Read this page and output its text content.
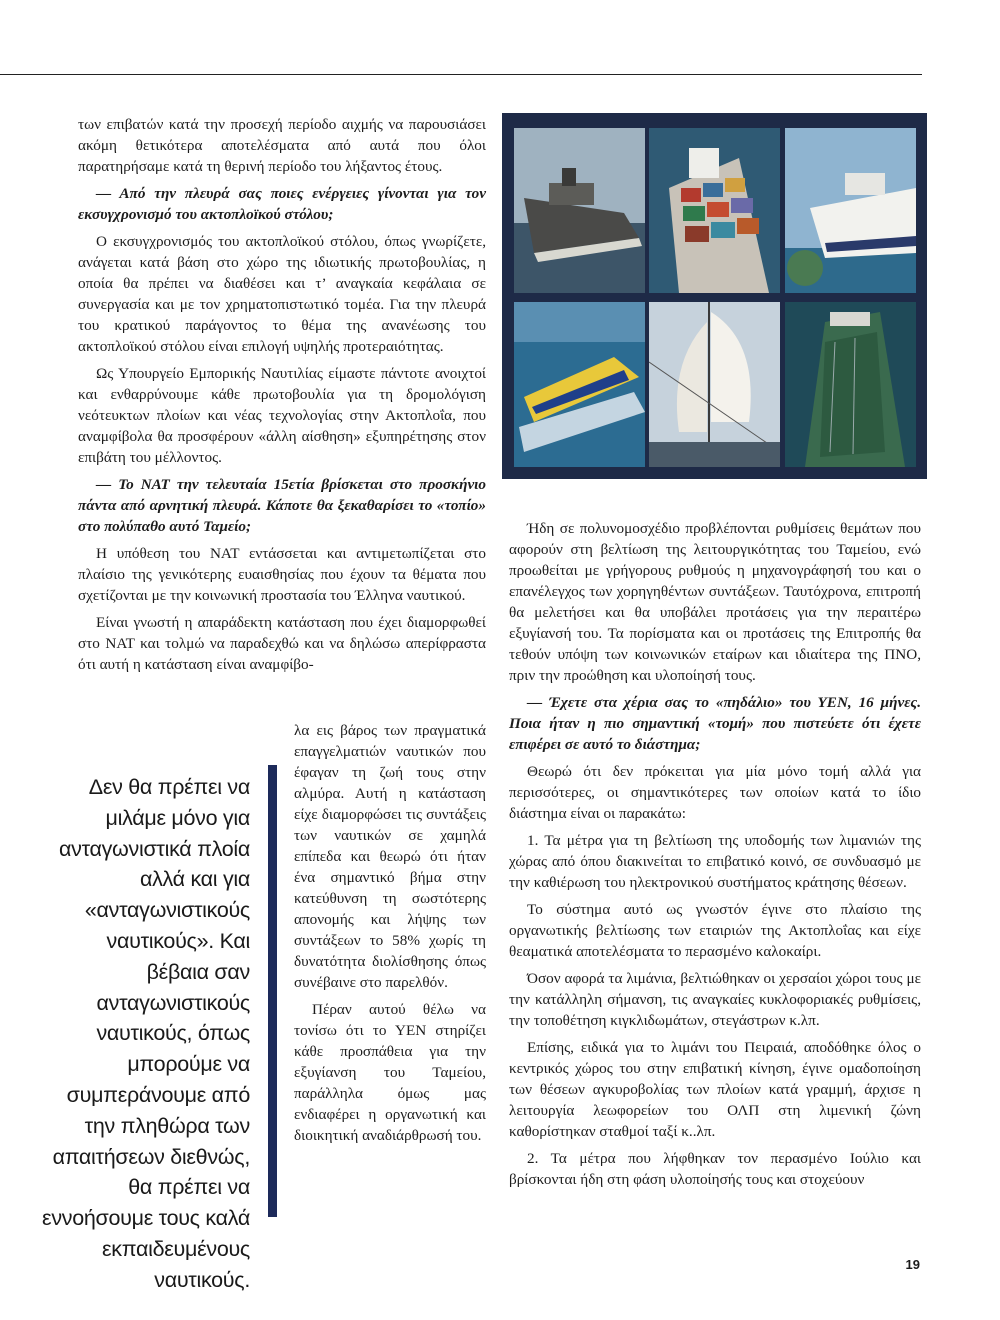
των επιβατών κατά την προσεχή περίοδο αιχμής να παρουσιάσει ακόμη θετικότερα αποτελέσματα από αυτά που όλοι παρατηρήσαμε κατά τη θερινή περίοδο του λήξαντος έτους.

— Από την πλευρά σας ποιες ενέργειες γίνονται για τον εκσυγχρονισμό του ακτοπλοϊκού στόλου;

Ο εκσυγχρονισμός του ακτοπλοϊκού στόλου, όπως γνωρίζετε, ανάγεται κατά βάση στο χώρο της ιδιωτικής πρωτοβουλίας, η οποία θα πρέπει να διαθέσει και τ’ αναγκαία κεφάλαια σε συνεργασία και με τον χρηματοπιστωτικό τομέα. Για την πλευρά του κρατικού παράγοντος το θέμα της ανανέωσης του ακτοπλοϊκού στόλου είναι επιλογή υψηλής προτεραιότητας.

Ως Υπουργείο Εμπορικής Ναυτιλίας είμαστε πάντοτε ανοιχτοί και ενθαρρύνουμε κάθε πρωτοβουλία για τη δρομολόγιση νεότευκτων πλοίων και νέας τεχνολογίας στην Ακτοπλοΐα, που αναμφίβολα θα προσφέρουν «άλλη αίσθηση» εξυπηρέτησης στον επιβάτη του μέλλοντος.

— Το ΝΑΤ την τελευταία 15ετία βρίσκεται στο προσκήνιο πάντα από αρνητική πλευρά. Κάποτε θα ξεκαθαρίσει το «τοπίο» στο πολύπαθο αυτό Ταμείο;

Η υπόθεση του ΝΑΤ εντάσσεται και αντιμετωπίζεται στο πλαίσιο της γενικότερης ευαισθησίας που έχουν τα θέματα που σχετίζονται με την κοινωνική προστασία του Έλληνα ναυτικού.

Είναι γνωστή η απαράδεκτη κατάσταση που έχει διαμορφωθεί στο ΝΑΤ και τολμώ να παραδεχθώ και να δηλώσω απερίφραστα ότι αυτή η κατάσταση είναι αναμφίβο-

λα εις βάρος των πραγματικά επαγγελματιών ναυτικών που έφαγαν τη ζωή τους στην αλμύρα. Αυτή η κατάσταση είχε διαμορφώσει τις συντάξεις των ναυτικών σε χαμηλά επίπεδα και θεωρώ ότι ήταν ένα σημαντικό βήμα στην κατεύθυνση τη σωστότερης απονομής και λήψης των συντάξεων το 58% χωρίς τη δυνατότητα διολίσθησης όπως συνέβαινε στο παρελθόν.

Πέραν αυτού θέλω να τονίσω ότι το ΥΕΝ στηρίζει κάθε προσπάθεια για την εξυγίανση του Ταμείου, παράλληλα όμως μας ενδιαφέρει η οργανωτική και διοικητική αναδιάρθρωσή του.

Δεν θα πρέπει να μιλάμε μόνο για ανταγωνιστικά πλοία αλλά και για «ανταγωνιστικούς ναυτικούς». Και βέβαια σαν ανταγωνιστικούς ναυτικούς, όπως μπορούμε να συμπεράνουμε από την πληθώρα των απαιτήσεων διεθνώς, θα πρέπει να εννοήσουμε τους καλά εκπαιδευμένους ναυτικούς.

Ήδη σε πολυνομοσχέδιο προβλέπονται ρυθμίσεις θεμάτων που αφορούν στη βελτίωση της λειτουργικότητας του Ταμείου, ενώ προωθείται με γρήγορους ρυθμούς η μηχανογράφησή του και ο επανέλεγχος των χορηγηθέντων συντάξεων. Ταυτόχρονα, επιτροπή θα μελετήσει και θα υποβάλει προτάσεις για την περαιτέρω εξυγίανσή του. Τα πορίσματα και οι προτάσεις της Επιτροπής θα τεθούν υπόψη των κοινωνικών εταίρων και ιδιαίτερα της ΠΝΟ, πριν την προώθηση και υλοποίησή τους.

— Έχετε στα χέρια σας το «πηδάλιο» του ΥΕΝ, 16 μήνες. Ποια ήταν η πιο σημαντική «τομή» που πιστεύετε ότι έχετε επιφέρει σε αυτό το διάστημα;

Θεωρώ ότι δεν πρόκειται για μία μόνο τομή αλλά για περισσότερες, οι σημαντικότερες των οποίων κατά το ίδιο διάστημα είναι οι παρακάτω:

1. Τα μέτρα για τη βελτίωση της υποδομής των λιμανιών της χώρας από όπου διακινείται το επιβατικό κοινό, σε συνδυασμό με την καθιέρωση του ηλεκτρονικού συστήματος κράτησης θέσεων.

Το σύστημα αυτό ως γνωστόν έγινε στο πλαίσιο της οργανωτικής βελτίωσης των εταιριών της Ακτοπλοΐας και είχε θεαματικά αποτελέσματα το περασμένο καλοκαίρι.

Όσον αφορά τα λιμάνια, βελτιώθηκαν οι χερσαίοι χώροι τους με την κατάλληλη σήμανση, τις αναγκαίες κυκλοφοριακές ρυθμίσεις, την τοποθέτηση κιγκλιδωμάτων, στεγάστρων κ.λπ.

Επίσης, ειδικά για το λιμάνι του Πειραιά, αποδόθηκε όλος ο κεντρικός χώρος του στην επιβατική κίνηση, έγινε ομαδοποίηση των θέσεων αγκυροβολίας των πλοίων κατά γραμμή, άρχισε η λειτουργία λεωφορείων του ΟΛΠ στη λιμενική ζώνη καθορίστηκαν σταθμοί ταξί κ..λπ.

2. Τα μέτρα που λήφθηκαν τον περασμένο Ιούλιο και βρίσκονται ήδη στη φάση υλοποίησής τους και στοχεύουν

19
